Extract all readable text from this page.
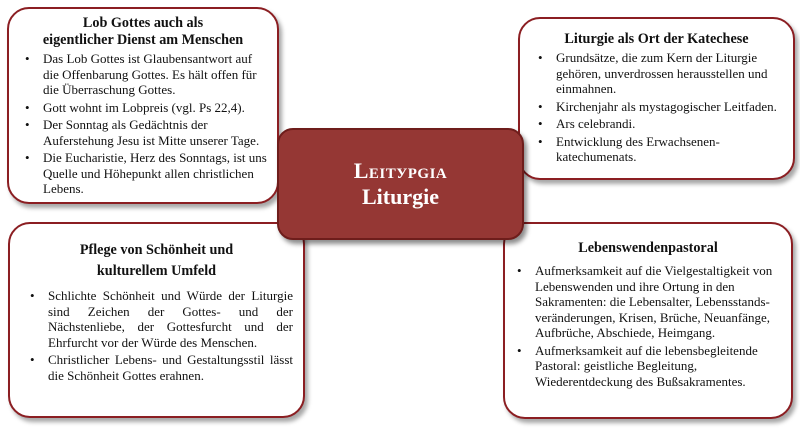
Lob Gottes auch als
eigentlicher Dienst am Menschen
• Das Lob Gottes ist Glaubensantwort auf die Offenbarung Gottes. Es hält offen für die Überraschung Gottes.
• Gott wohnt im Lobpreis (vgl. Ps 22,4).
• Der Sonntag als Gedächtnis der Auferstehung Jesu ist Mitte unserer Tage.
• Die Eucharistie, Herz des Sonntags, ist uns Quelle und Höhepunkt allen christlichen Lebens.
Liturgie als Ort der Katechese
• Grundsätze, die zum Kern der Liturgie gehören, unverdrossen herausstellen und einmahnen.
• Kirchenjahr als mystagogischer Leitfaden.
• Ars celebrandi.
• Entwicklung des Erwachsenen-katechumenats.
Pflege von Schönheit und
kulturellem Umfeld
• Schlichte Schönheit und Würde der Liturgie sind Zeichen der Gottes- und der Nächstenliebe, der Gottesfurcht und der Ehrfurcht vor der Würde des Menschen.
• Christlicher Lebens- und Gestaltungsstil lässt die Schönheit Gottes erahnen.
Lebenswendenpastoral
• Aufmerksamkeit auf die Vielgestaltigkeit von Lebenswenden und ihre Ortung in den Sakramenten: die Lebensalter, Lebensstands-veränderungen, Krisen, Brüche, Neuanfänge, Aufbrüche, Abschiede, Heimgang.
• Aufmerksamkeit auf die lebensbegleitende Pastoral: geistliche Begleitung, Wiederentdeckung des Bußsakramentes.
Leitурgia
Liturgie
